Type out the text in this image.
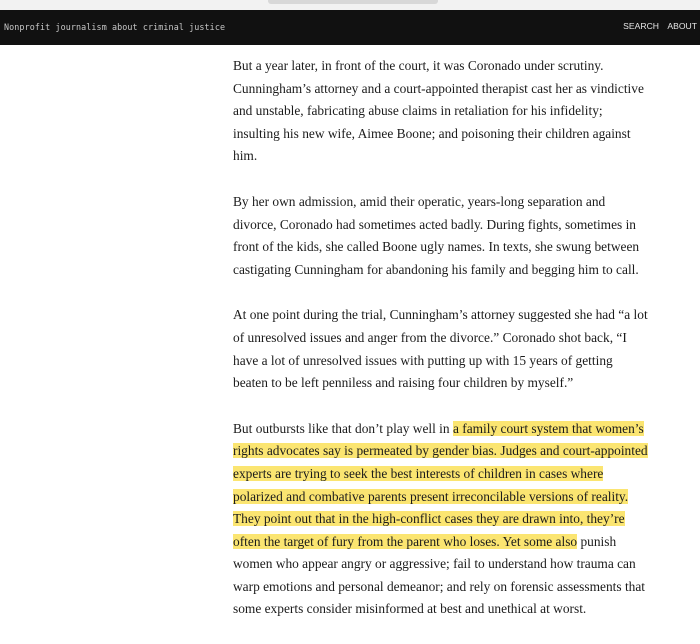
Nonprofit journalism about criminal justice	SEARCH ABOUT

But a year later, in front of the court, it was Coronado under scrutiny. Cunningham’s attorney and a court-appointed therapist cast her as vindictive and unstable, fabricating abuse claims in retaliation for his infidelity; insulting his new wife, Aimee Boone; and poisoning their children against him.

By her own admission, amid their operatic, years-long separation and divorce, Coronado had sometimes acted badly. During fights, sometimes in front of the kids, she called Boone ugly names. In texts, she swung between castigating Cunningham for abandoning his family and begging him to call.

At one point during the trial, Cunningham’s attorney suggested she had “a lot of unresolved issues and anger from the divorce.” Coronado shot back, “I have a lot of unresolved issues with putting up with 15 years of getting beaten to be left penniless and raising four children by myself.”

But outbursts like that don’t play well in a family court system that women’s rights advocates say is permeated by gender bias. Judges and court-appointed experts are trying to seek the best interests of children in cases where polarized and combative parents present irreconcilable versions of reality. They point out that in the high-conflict cases they are drawn into, they’re often the target of fury from the parent who loses. Yet some also punish women who appear angry or aggressive; fail to understand how trauma can warp emotions and personal demeanor; and rely on forensic assessments that some experts consider misinformed at best and unethical at worst.
